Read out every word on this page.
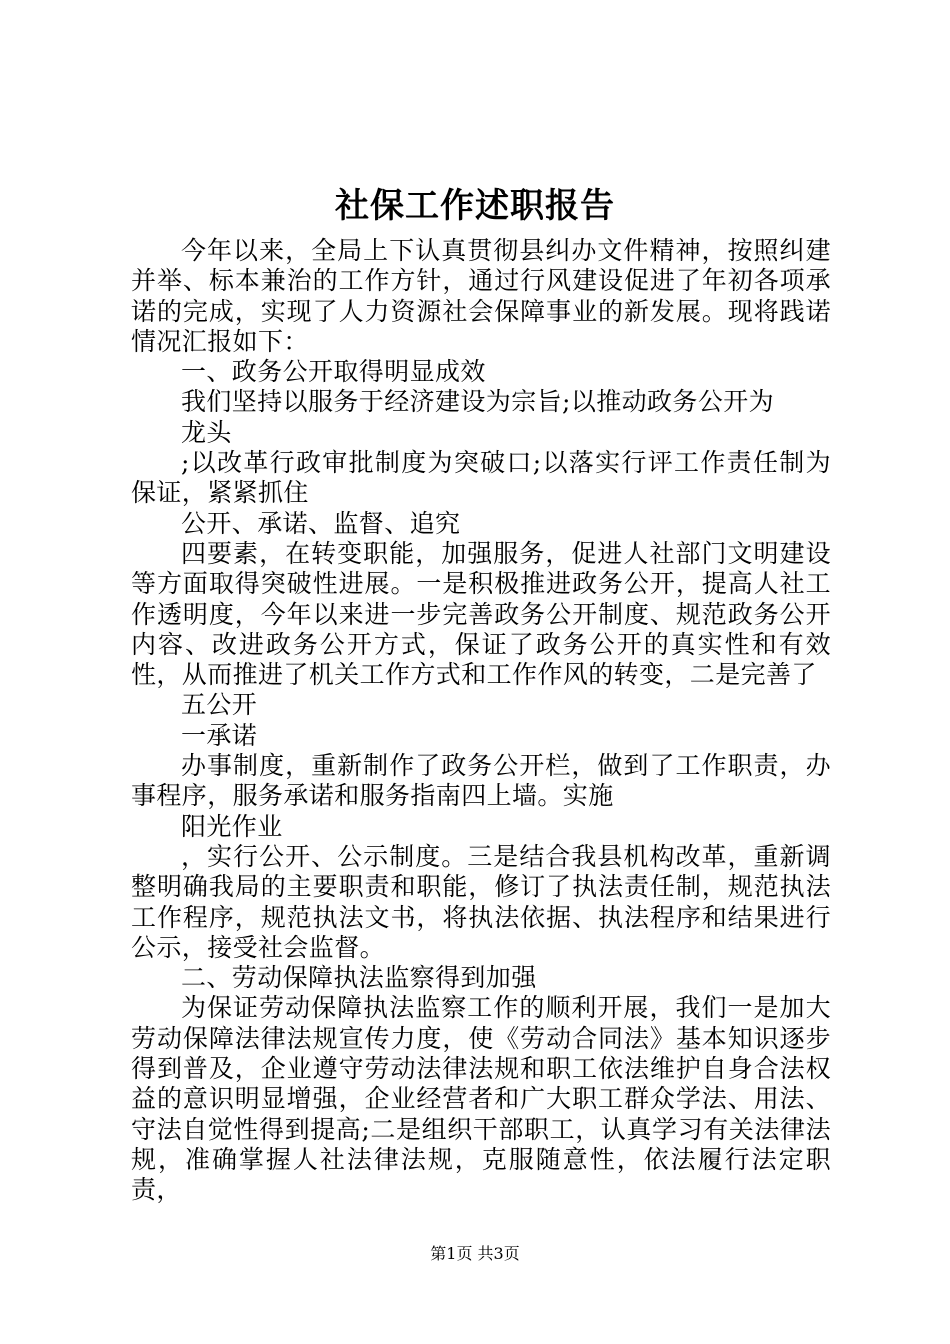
社保工作述职报告

今年以来，全局上下认真贯彻县纠办文件精神，按照纠建并举、标本兼治的工作方针，通过行风建设促进了年初各项承诺的完成，实现了人力资源社会保障事业的新发展。现将践诺情况汇报如下：

一、政务公开取得明显成效

我们坚持以服务于经济建设为宗旨;以推动政务公开为

龙头

;以改革行政审批制度为突破口;以落实行评工作责任制为保证，紧紧抓住

公开、承诺、监督、追究

四要素，在转变职能，加强服务，促进人社部门文明建设等方面取得突破性进展。一是积极推进政务公开，提高人社工作透明度，今年以来进一步完善政务公开制度、规范政务公开内容、改进政务公开方式，保证了政务公开的真实性和有效性，从而推进了机关工作方式和工作作风的转变，二是完善了

五公开

一承诺

办事制度，重新制作了政务公开栏，做到了工作职责，办事程序，服务承诺和服务指南四上墙。实施

阳光作业

，实行公开、公示制度。三是结合我县机构改革，重新调整明确我局的主要职责和职能，修订了执法责任制，规范执法工作程序，规范执法文书，将执法依据、执法程序和结果进行公示，接受社会监督。

二、劳动保障执法监察得到加强

为保证劳动保障执法监察工作的顺利开展，我们一是加大劳动保障法律法规宣传力度，使《劳动合同法》基本知识逐步得到普及，企业遵守劳动法律法规和职工依法维护自身合法权益的意识明显增强，企业经营者和广大职工群众学法、用法、守法自觉性得到提高;二是组织干部职工，认真学习有关法律法规，准确掌握人社法律法规，克服随意性，依法履行法定职责，

第1页 共3页
